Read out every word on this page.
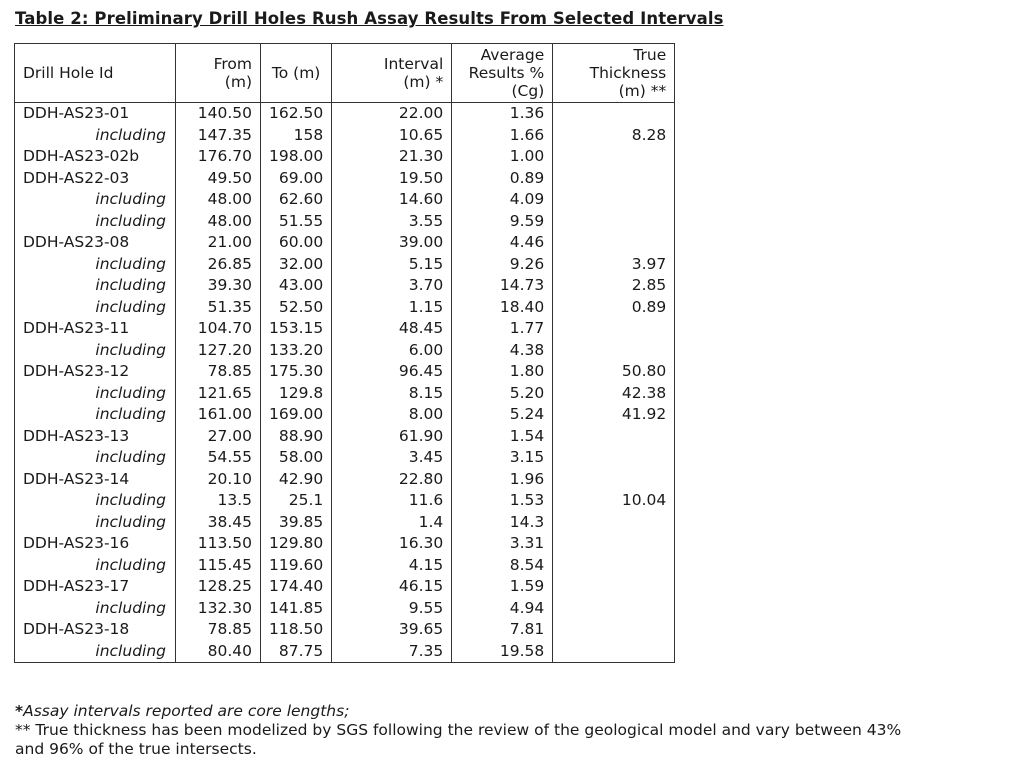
Table 2: Preliminary Drill Holes Rush Assay Results From Selected Intervals
Drill Hole Id	From (m)	To (m)	Interval (m) *	Average Results % (Cg)	True Thickness (m) **
DDH-AS23-01	140.50	162.50	22.00	1.36	
including	147.35	158	10.65	1.66	8.28
DDH-AS23-02b	176.70	198.00	21.30	1.00	
DDH-AS22-03	49.50	69.00	19.50	0.89	
including	48.00	62.60	14.60	4.09	
including	48.00	51.55	3.55	9.59	
DDH-AS23-08	21.00	60.00	39.00	4.46	
including	26.85	32.00	5.15	9.26	3.97
including	39.30	43.00	3.70	14.73	2.85
including	51.35	52.50	1.15	18.40	0.89
DDH-AS23-11	104.70	153.15	48.45	1.77	
including	127.20	133.20	6.00	4.38	
DDH-AS23-12	78.85	175.30	96.45	1.80	50.80
including	121.65	129.8	8.15	5.20	42.38
including	161.00	169.00	8.00	5.24	41.92
DDH-AS23-13	27.00	88.90	61.90	1.54	
including	54.55	58.00	3.45	3.15	
DDH-AS23-14	20.10	42.90	22.80	1.96	
including	13.5	25.1	11.6	1.53	10.04
including	38.45	39.85	1.4	14.3	
DDH-AS23-16	113.50	129.80	16.30	3.31	
including	115.45	119.60	4.15	8.54	
DDH-AS23-17	128.25	174.40	46.15	1.59	
including	132.30	141.85	9.55	4.94	
DDH-AS23-18	78.85	118.50	39.65	7.81	
including	80.40	87.75	7.35	19.58	
*Assay intervals reported are core lengths;
** True thickness has been modelized by SGS following the review of the geological model and vary between 43% and 96% of the true intersects.
